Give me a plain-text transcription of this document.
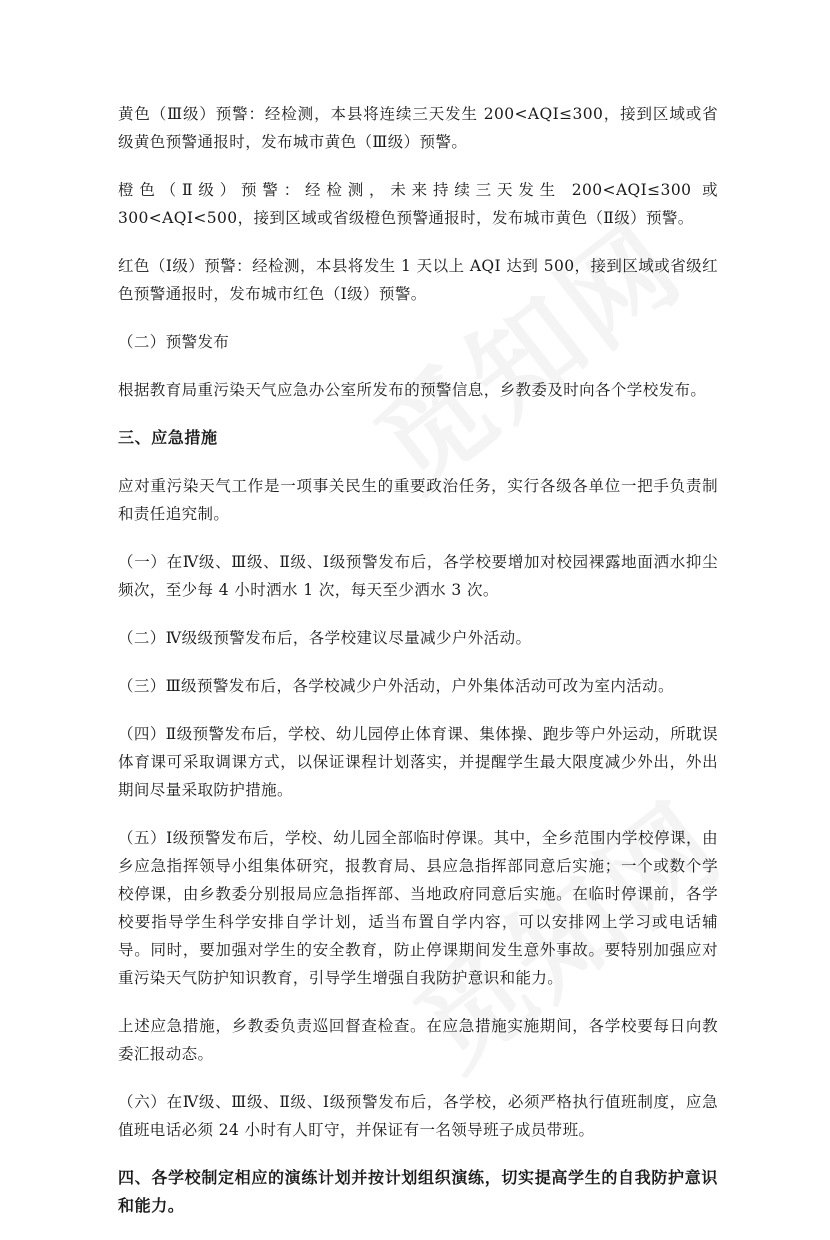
黄色（Ⅲ级）预警：经检测，本县将连续三天发生 200<AQI≤300，接到区域或省级黄色预警通报时，发布城市黄色（Ⅲ级）预警。

橙色（Ⅱ级）预警：经检测，未来持续三天发生 200<AQI≤300 或 300<AQI<500，接到区域或省级橙色预警通报时，发布城市黄色（Ⅱ级）预警。

红色（Ⅰ级）预警：经检测，本县将发生 1 天以上 AQI 达到 500，接到区域或省级红色预警通报时，发布城市红色（Ⅰ级）预警。

（二）预警发布

根据教育局重污染天气应急办公室所发布的预警信息，乡教委及时向各个学校发布。

三、应急措施

应对重污染天气工作是一项事关民生的重要政治任务，实行各级各单位一把手负责制和责任追究制。

（一）在Ⅳ级、Ⅲ级、Ⅱ级、Ⅰ级预警发布后，各学校要增加对校园裸露地面洒水抑尘频次，至少每 4 小时洒水 1 次，每天至少洒水 3 次。

（二）Ⅳ级级预警发布后，各学校建议尽量减少户外活动。

（三）Ⅲ级预警发布后，各学校减少户外活动，户外集体活动可改为室内活动。

（四）Ⅱ级预警发布后，学校、幼儿园停止体育课、集体操、跑步等户外运动，所耽误体育课可采取调课方式，以保证课程计划落实，并提醒学生最大限度减少外出，外出期间尽量采取防护措施。

（五）Ⅰ级预警发布后，学校、幼儿园全部临时停课。其中，全乡范围内学校停课，由乡应急指挥领导小组集体研究，报教育局、县应急指挥部同意后实施；一个或数个学校停课，由乡教委分别报局应急指挥部、当地政府同意后实施。在临时停课前，各学校要指导学生科学安排自学计划，适当布置自学内容，可以安排网上学习或电话辅导。同时，要加强对学生的安全教育，防止停课期间发生意外事故。要特别加强应对重污染天气防护知识教育，引导学生增强自我防护意识和能力。

上述应急措施，乡教委负责巡回督查检查。在应急措施实施期间，各学校要每日向教委汇报动态。

（六）在Ⅳ级、Ⅲ级、Ⅱ级、Ⅰ级预警发布后，各学校，必须严格执行值班制度，应急值班电话必须 24 小时有人盯守，并保证有一名领导班子成员带班。

四、各学校制定相应的演练计划并按计划组织演练，切实提高学生的自我防护意识和能力。
